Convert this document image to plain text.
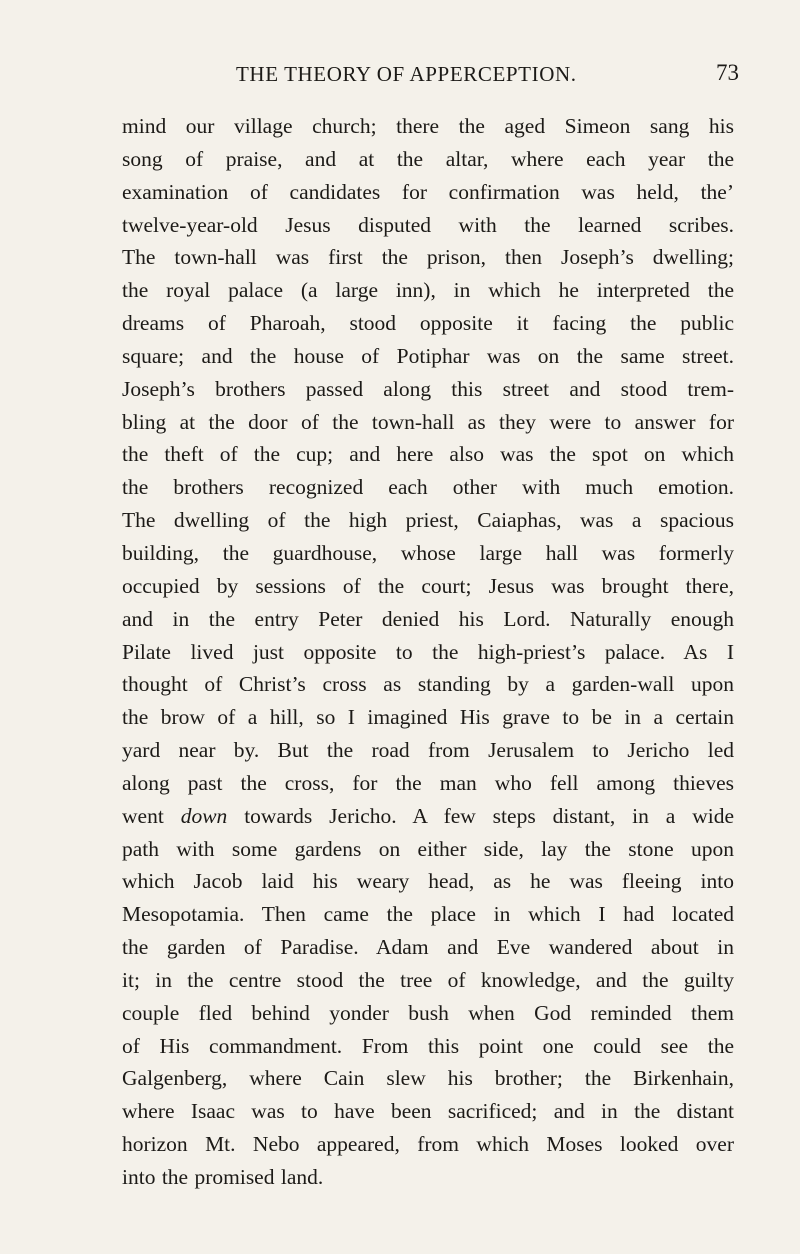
THE THEORY OF APPERCEPTION.	73
mind our village church; there the aged Simeon sang his
song of praise, and at the altar, where each year the
examination of candidates for confirmation was held, the’
twelve-year-old Jesus disputed with the learned scribes.
The town-hall was first the prison, then Joseph’s dwelling;
the royal palace (a large inn), in which he interpreted the
dreams of Pharoah, stood opposite it facing the public
square; and the house of Potiphar was on the same street.
Joseph’s brothers passed along this street and stood trem-
bling at the door of the town-hall as they were to answer for
the theft of the cup; and here also was the spot on which
the brothers recognized each other with much emotion.
The dwelling of the high priest, Caiaphas, was a spacious
building, the guardhouse, whose large hall was formerly
occupied by sessions of the court; Jesus was brought there,
and in the entry Peter denied his Lord. Naturally enough
Pilate lived just opposite to the high-priest’s palace. As I
thought of Christ’s cross as standing by a garden-wall upon
the brow of a hill, so I imagined His grave to be in a certain
yard near by. But the road from Jerusalem to Jericho led
along past the cross, for the man who fell among thieves
went down towards Jericho. A few steps distant, in a wide
path with some gardens on either side, lay the stone upon
which Jacob laid his weary head, as he was fleeing into
Mesopotamia. Then came the place in which I had located
the garden of Paradise. Adam and Eve wandered about in
it; in the centre stood the tree of knowledge, and the guilty
couple fled behind yonder bush when God reminded them
of His commandment. From this point one could see the
Galgenberg, where Cain slew his brother; the Birkenhain,
where Isaac was to have been sacrificed; and in the distant
horizon Mt. Nebo appeared, from which Moses looked over
into the promised land.
